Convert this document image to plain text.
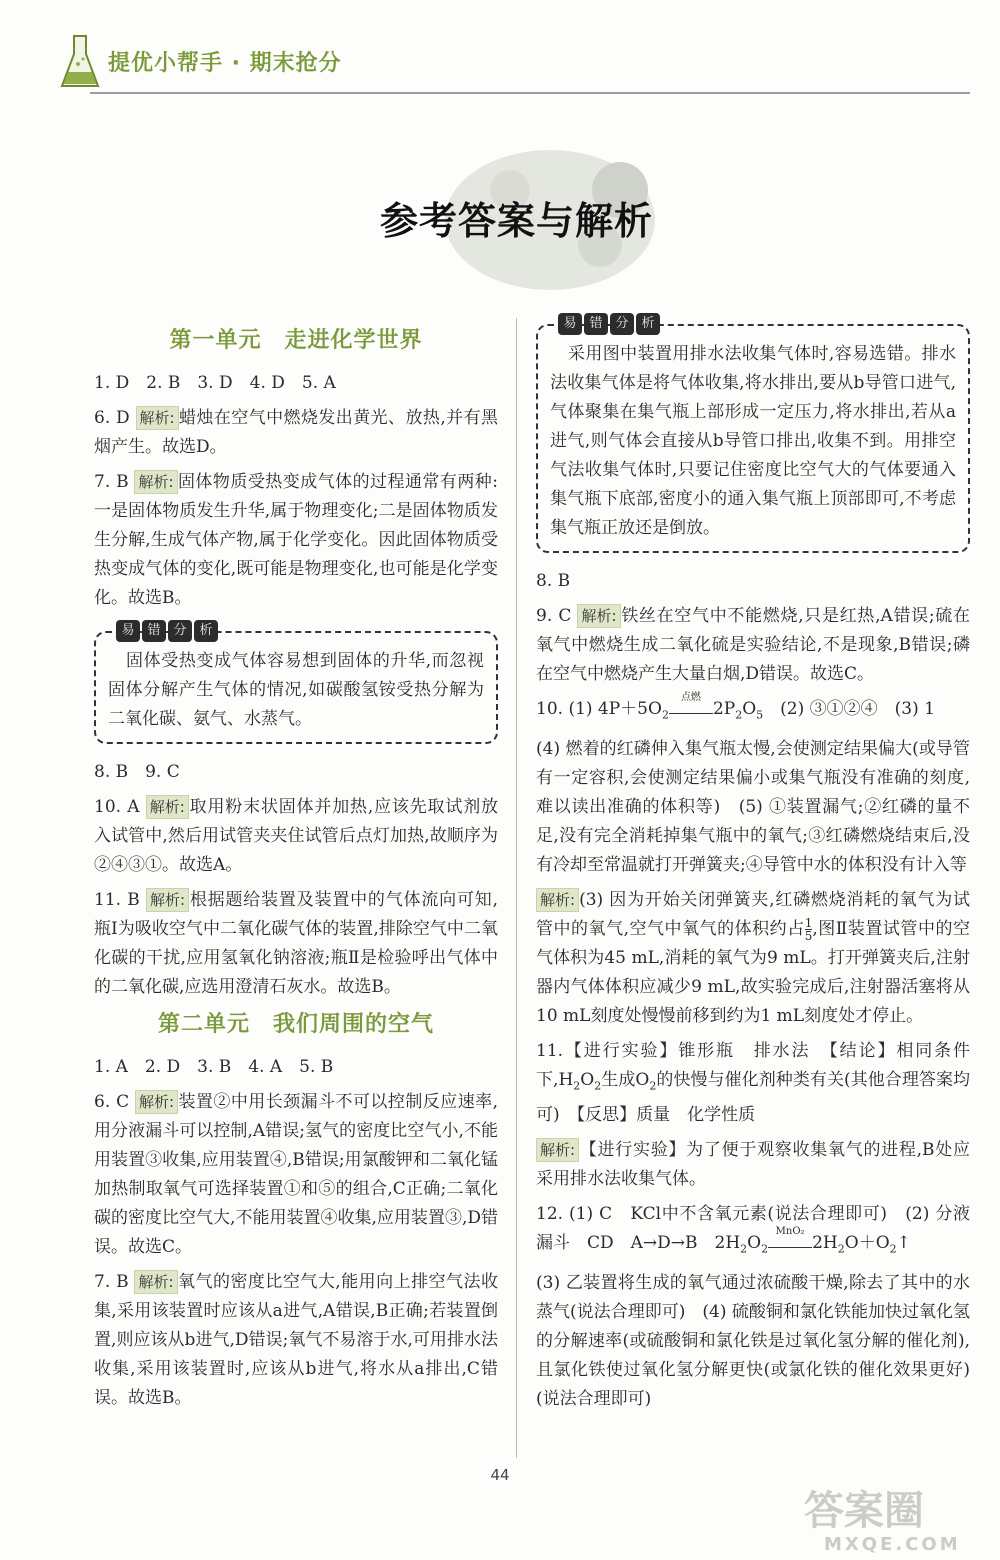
提优小帮手 · 期末抢分
参考答案与解析
第一单元　走进化学世界

1. D　2. B　3. D　4. D　5. A

6. D 解析: 蜡烛在空气中燃烧发出黄光、放热,并有黑烟产生。故选D。

7. B 解析: 固体物质受热变成气体的过程通常有两种:一是固体物质发生升华,属于物理变化;二是固体物质发生分解,生成气体产物,属于化学变化。因此固体物质受热变成气体的变化,既可能是物理变化,也可能是化学变化。故选B。

易 错 分 析

固体受热变成气体容易想到固体的升华,而忽视固体分解产生气体的情况,如碳酸氢铵受热分解为二氧化碳、氨气、水蒸气。

8. B　9. C

10. A 解析: 取用粉末状固体并加热,应该先取试剂放入试管中,然后用试管夹夹住试管后点灯加热,故顺序为②④③①。故选A。

11. B 解析: 根据题给装置及装置中的气体流向可知,瓶Ⅰ为吸收空气中二氧化碳气体的装置,排除空气中二氧化碳的干扰,应用氢氧化钠溶液;瓶Ⅱ是检验呼出气体中的二氧化碳,应选用澄清石灰水。故选B。

第二单元　我们周围的空气

1. A　2. D　3. B　4. A　5. B

6. C 解析: 装置②中用长颈漏斗不可以控制反应速率,用分液漏斗可以控制,A错误;氢气的密度比空气小,不能用装置③收集,应用装置④,B错误;用氯酸钾和二氧化锰加热制取氧气可选择装置①和⑤的组合,C正确;二氧化碳的密度比空气大,不能用装置④收集,应用装置③,D错误。故选C。

7. B 解析: 氧气的密度比空气大,能用向上排空气法收集,采用该装置时应该从a进气,A错误,B正确;若装置倒置,则应该从b进气,D错误;氧气不易溶于水,可用排水法收集,采用该装置时,应该从b进气,将水从a排出,C错误。故选B。

易 错 分 析

采用图中装置用排水法收集气体时,容易选错。排水法收集气体是将气体收集,将水排出,要从b导管口进气,气体聚集在集气瓶上部形成一定压力,将水排出,若从a进气,则气体会直接从b导管口排出,收集不到。用排空气法收集气体时,只要记住密度比空气大的气体要通入集气瓶下底部,密度小的通入集气瓶上顶部即可,不考虑集气瓶正放还是倒放。

8. B

9. C 解析: 铁丝在空气中不能燃烧,只是红热,A错误;硫在氧气中燃烧生成二氧化硫是实验结论,不是现象,B错误;磷在空气中燃烧产生大量白烟,D错误。故选C。

10. (1) $4P+5O_2$
点燃
$2P_2O_5$　 (2) ③①②④　(3) 1

(4) 燃着的红磷伸入集气瓶太慢,会使测定结果偏大(或导管有一定容积,会使测定结果偏小或集气瓶没有准确的刻度,难以读出准确的体积等)　(5) ①装置漏气;②红磷的量不足,没有完全消耗掉集气瓶中的氧气;③红磷燃烧结束后,没有冷却至常温就打开弹簧夹;④导管中水的体积没有计入等

解析: (3) 因为开始关闭弹簧夹,红磷燃烧消耗的氧气为试管中的氧气,空气中氧气的体积约占 $\frac{1}{5}$ ,图Ⅱ装置试管中的空气体积为45 mL,消耗的氧气为9 mL。打开弹簧夹后,注射器内气体体积应减少9 mL,故实验完成后,注射器活塞将从10 mL刻度处慢慢前移到约为1 mL刻度处才停止。

11.【进行实验】锥形瓶　排水法　【结论】相同条件下$,H_2O_2$生成$O_2$的快慢与催化剂种类有关(其他合理答案均可)　【反思】质量　化学性质

解析: 【进行实验】为了便于观察收集氧气的进程,B处应采用排水法收集气体。

12. (1) C　KCl中不含氧元素(说法合理即可)　(2) 分液漏斗　CD　A→D→B　$2H_2O_2$
MnO₂
$2H_2O+O_2↑$

(3) 乙装置将生成的氧气通过浓硫酸干燥,除去了其中的水蒸气(说法合理即可)　(4) 硫酸铜和氯化铁能加快过氧化氢的分解速率(或硫酸铜和氯化铁是过氧化氢分解的催化剂),且氯化铁使过氧化氢分解更快(或氯化铁的催化效果更好)(说法合理即可)

44
答案圈
MXQE.COM
